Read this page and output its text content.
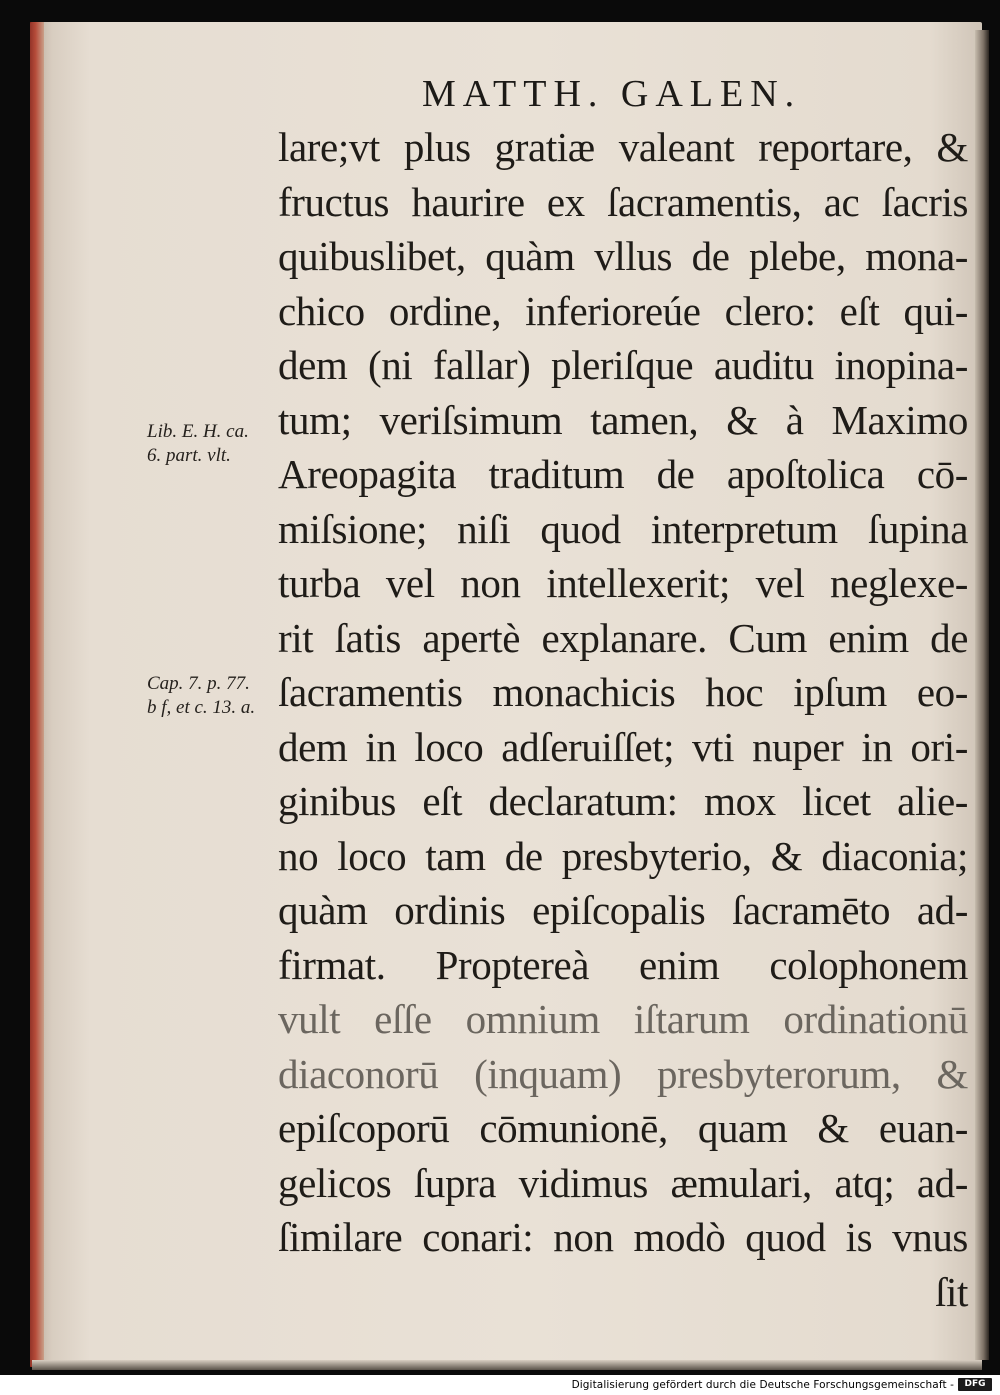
MATTH. GALEN.
lare;vt plus gratiæ valeant reportare, &
fructus haurire ex ſacramentis, ac ſacris
quibuslibet, quàm vllus de plebe, mona-
chico ordine, inferioreúe clero: eſt qui-
dem (ni fallar) pleriſque auditu inopina-
tum; veriſsimum tamen, & à Maximo
Areopagita traditum de apoſtolica cō-
miſsione; niſi quod interpretum ſupina
turba vel non intellexerit; vel neglexe-
rit ſatis apertè explanare. Cum enim de
ſacramentis monachicis hoc ipſum eo-
dem in loco adſeruiſſet; vti nuper in ori-
ginibus eſt declaratum: mox licet alie-
no loco tam de presbyterio, & diaconia;
quàm ordinis epiſcopalis ſacramēto ad-
firmat. Proptereà enim colophonem
vult eſſe omnium iſtarum ordinationū
diaconorū (inquam) presbyterorum, &
epiſcoporū cōmunionē, quam & euan-
gelicos ſupra vidimus æmulari, atq; ad-
ſimilare conari: non modò quod is vnus
ſit
Lib. E. H. ca.
6. part. vlt.
Cap. 7. p. 77.
b f, et c. 13. a.
Digitalisierung gefördert durch die Deutsche Forschungsgemeinschaft -	DFG
